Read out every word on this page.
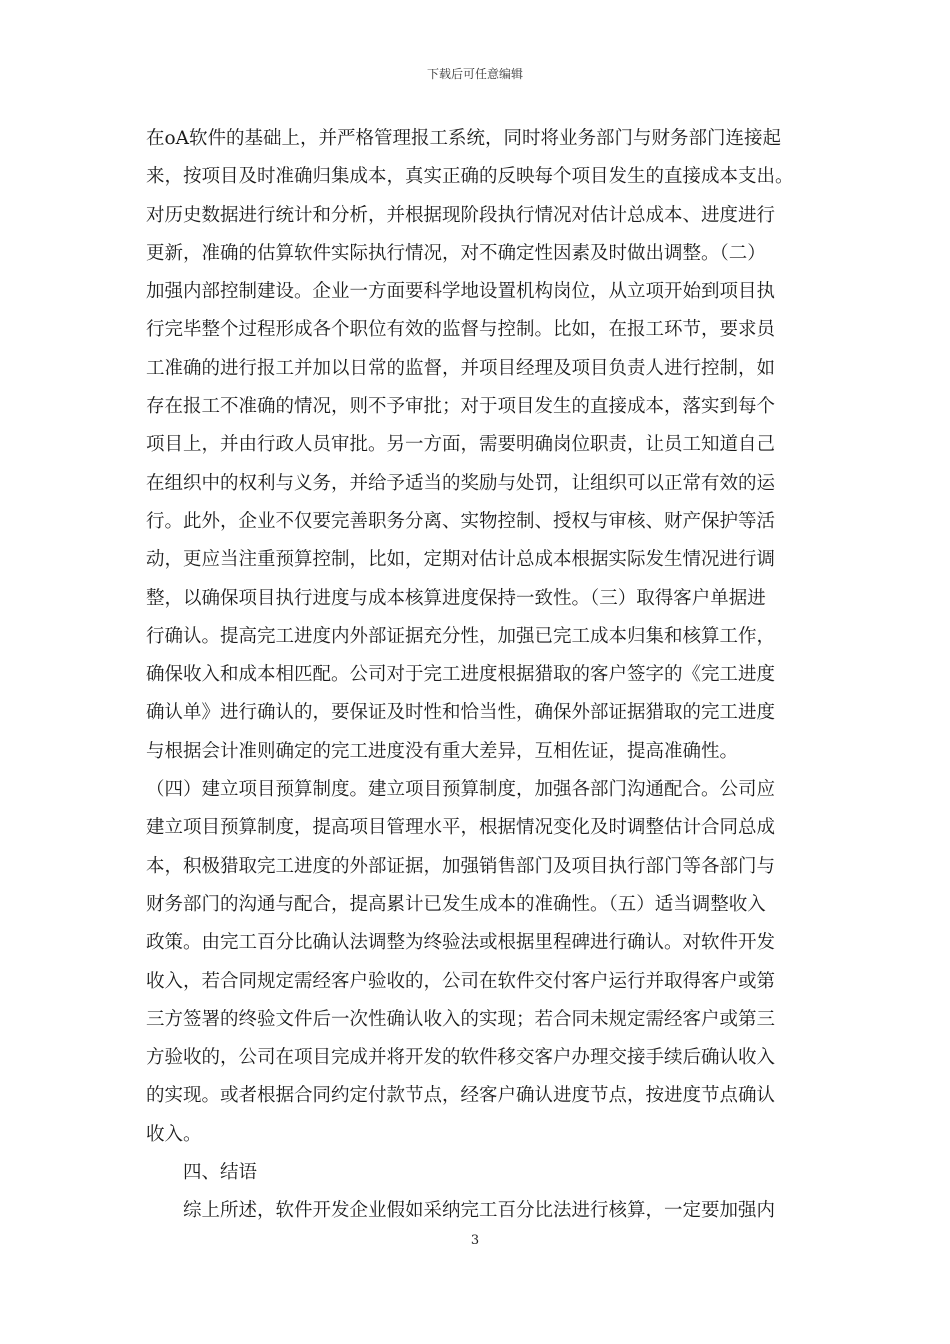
下载后可任意编辑
在oA软件的基础上，并严格管理报工系统，同时将业务部门与财务部门连接起
来，按项目及时准确归集成本，真实正确的反映每个项目发生的直接成本支出。
对历史数据进行统计和分析，并根据现阶段执行情况对估计总成本、进度进行
更新，准确的估算软件实际执行情况，对不确定性因素及时做出调整。（二）
加强内部控制建设。企业一方面要科学地设置机构岗位，从立项开始到项目执
行完毕整个过程形成各个职位有效的监督与控制。比如，在报工环节，要求员
工准确的进行报工并加以日常的监督，并项目经理及项目负责人进行控制，如
存在报工不准确的情况，则不予审批；对于项目发生的直接成本，落实到每个
项目上，并由行政人员审批。另一方面，需要明确岗位职责，让员工知道自己
在组织中的权利与义务，并给予适当的奖励与处罚，让组织可以正常有效的运
行。此外，企业不仅要完善职务分离、实物控制、授权与审核、财产保护等活
动，更应当注重预算控制，比如，定期对估计总成本根据实际发生情况进行调
整，以确保项目执行进度与成本核算进度保持一致性。（三）取得客户单据进
行确认。提高完工进度内外部证据充分性，加强已完工成本归集和核算工作，
确保收入和成本相匹配。公司对于完工进度根据猎取的客户签字的《完工进度
确认单》进行确认的，要保证及时性和恰当性，确保外部证据猎取的完工进度
与根据会计准则确定的完工进度没有重大差异，互相佐证，提高准确性。
（四）建立项目预算制度。建立项目预算制度，加强各部门沟通配合。公司应
建立项目预算制度，提高项目管理水平，根据情况变化及时调整估计合同总成
本，积极猎取完工进度的外部证据，加强销售部门及项目执行部门等各部门与
财务部门的沟通与配合，提高累计已发生成本的准确性。（五）适当调整收入
政策。由完工百分比确认法调整为终验法或根据里程碑进行确认。对软件开发
收入，若合同规定需经客户验收的，公司在软件交付客户运行并取得客户或第
三方签署的终验文件后一次性确认收入的实现；若合同未规定需经客户或第三
方验收的，公司在项目完成并将开发的软件移交客户办理交接手续后确认收入
的实现。或者根据合同约定付款节点，经客户确认进度节点，按进度节点确认
收入。
四、结语
综上所述，软件开发企业假如采纳完工百分比法进行核算，一定要加强内
3
